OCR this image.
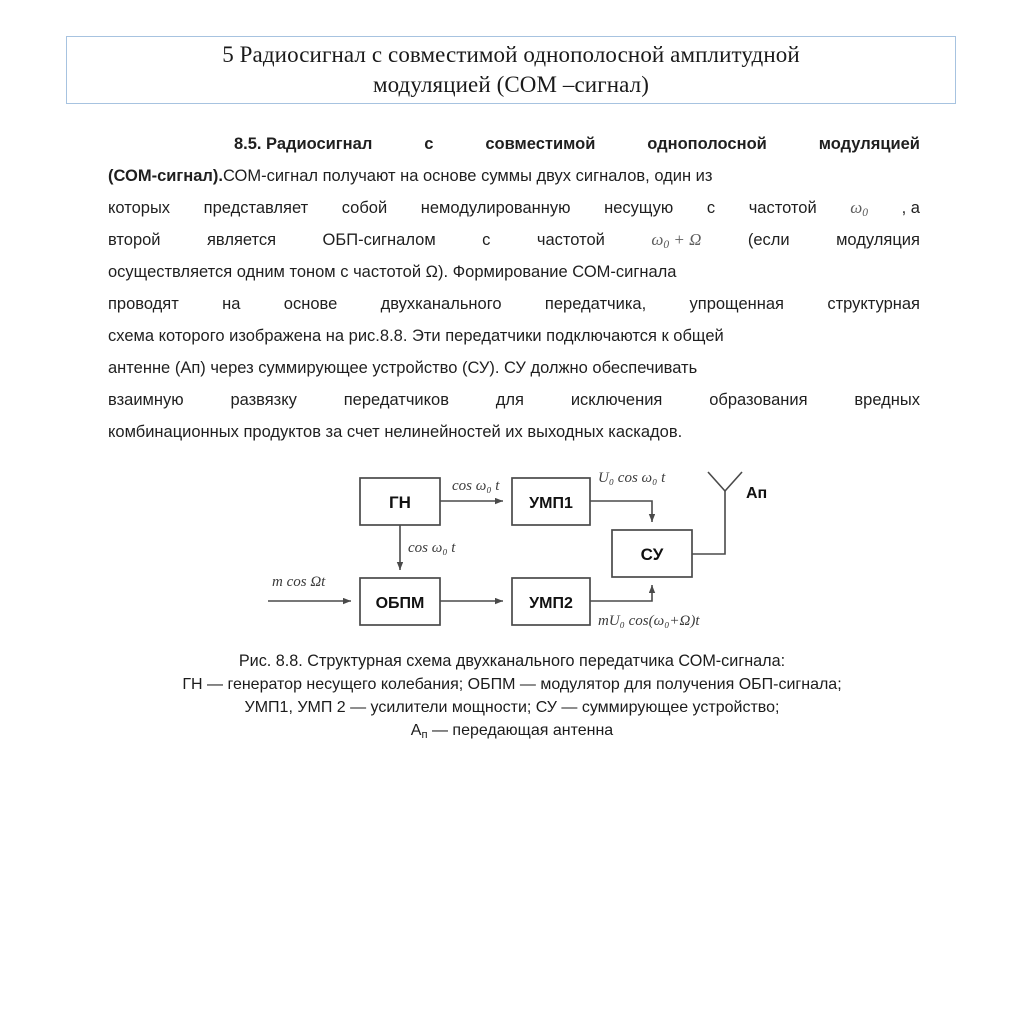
5 Радиосигнал с совместимой однополосной амплитудной
модуляцией (СОМ –сигнал)
8.5. Радиосигнал	с	совместимой	однополосной	модуляцией
(СОМ-сигнал). СОМ-сигнал получают на основе суммы двух сигналов, один из
которых представляет собой немодулированную несущую с частотой $\omega_0$ , а
второй	является	ОБП-сигналом	с	частотой	$\omega_0 + \Omega$	(если	модуляция
осуществляется одним тоном с частотой Ω). Формирование СОМ-сигнала
проводят	на	основе	двухканального	передатчика,	упрощенная	структурная
схема которого изображена на рис.8.8. Эти передатчики подключаются к общей
антенне (Ап) через суммирующее устройство (СУ). СУ должно обеспечивать
взаимную	развязку	передатчиков	для	исключения	образования	вредных
комбинационных продуктов за счет нелинейностей их выходных каскадов.
ГН	УМП1
СУ
ОБПМ	УМП2
cos ω₀ t
cos ω₀ t
U₀ cos ω₀ t
m cos Ωt
mU₀ cos(ω₀+Ω)t
Ап
Рис. 8.8. Структурная схема двухканального передатчика СОМ-сигнала:
ГН — генератор несущего колебания; ОБПМ — модулятор для получения ОБП-сигнала;
УМП1, УМП 2 — усилители мощности; СУ — суммирующее устройство;
Ап — передающая антенна
